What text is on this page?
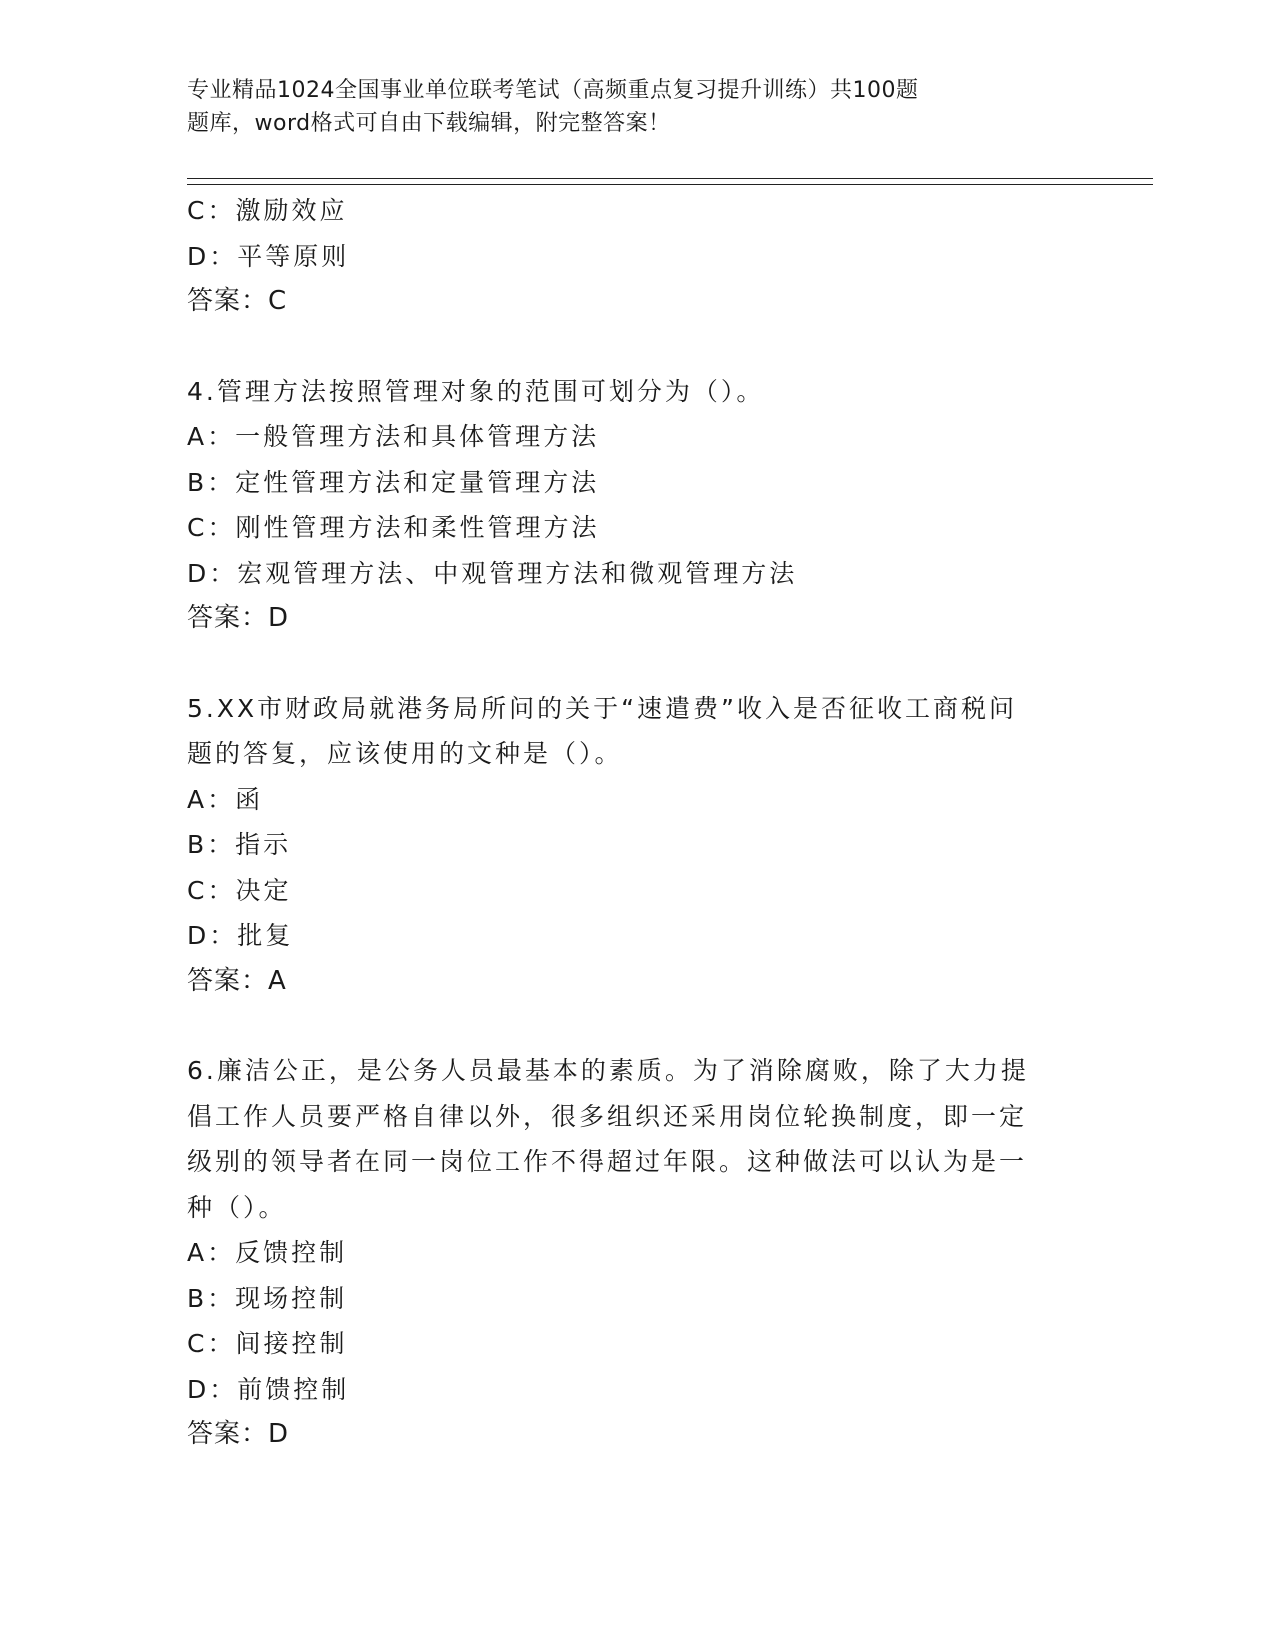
专业精品1024全国事业单位联考笔试（高频重点复习提升训练）共100题
题库，word格式可自由下载编辑，附完整答案！
C：激励效应
D：平等原则
答案：C
4.管理方法按照管理对象的范围可划分为（）。
A：一般管理方法和具体管理方法
B：定性管理方法和定量管理方法
C：刚性管理方法和柔性管理方法
D：宏观管理方法、中观管理方法和微观管理方法
答案：D
5.XX市财政局就港务局所问的关于“速遣费”收入是否征收工商税问
题的答复，应该使用的文种是（）。
A：函
B：指示
C：决定
D：批复
答案：A
6.廉洁公正，是公务人员最基本的素质。为了消除腐败，除了大力提
倡工作人员要严格自律以外，很多组织还采用岗位轮换制度，即一定
级别的领导者在同一岗位工作不得超过年限。这种做法可以认为是一
种（）。
A：反馈控制
B：现场控制
C：间接控制
D：前馈控制
答案：D
